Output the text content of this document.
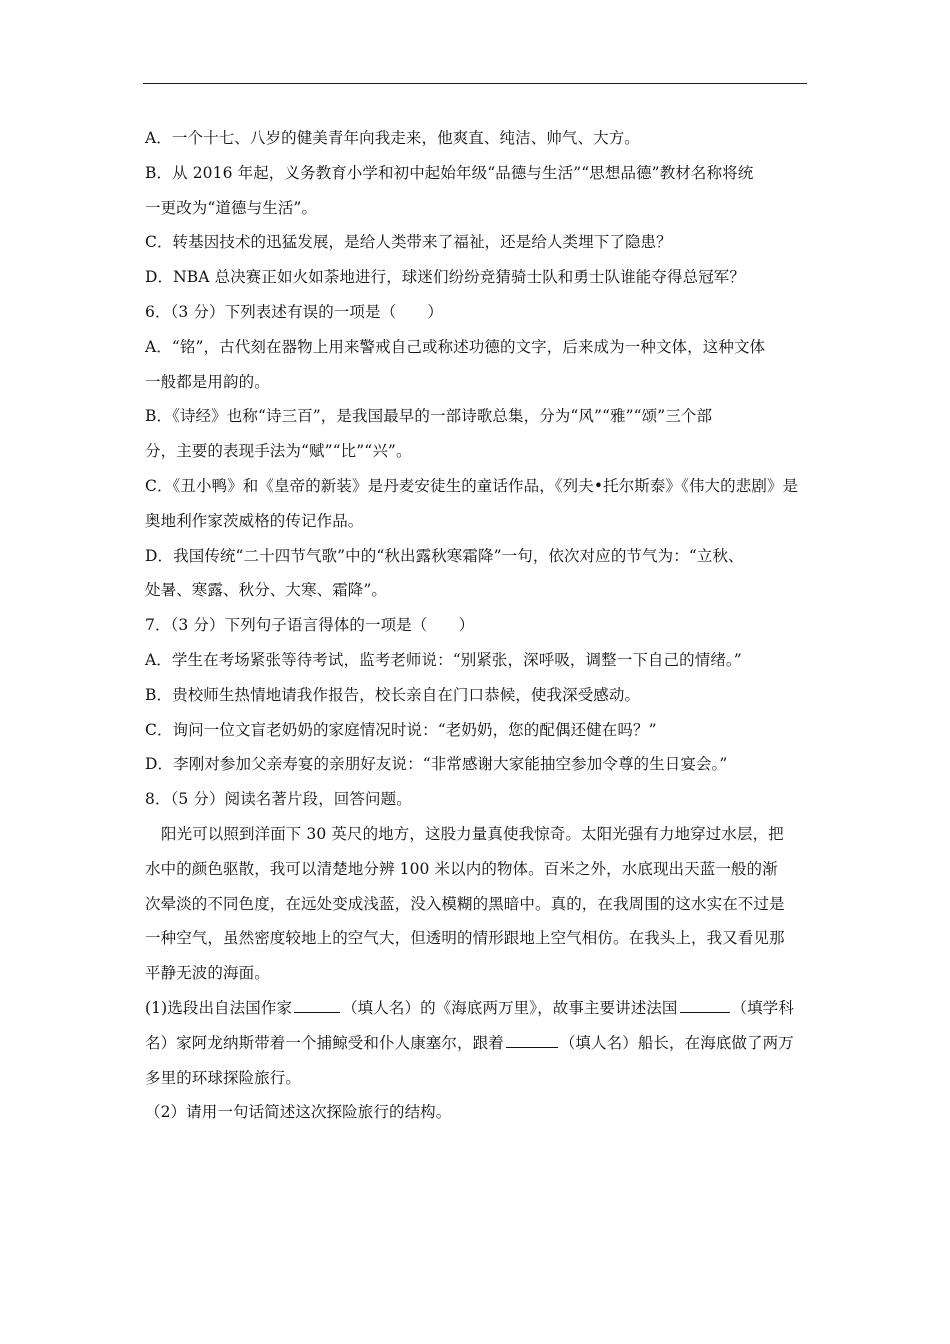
A．一个十七、八岁的健美青年向我走来，他爽直、纯洁、帅气、大方。
B．从 2016 年起，义务教育小学和初中起始年级“品德与生活”“思想品德”教材名称将统
一更改为“道德与生活”。
C．转基因技术的迅猛发展，是给人类带来了福祉，还是给人类埋下了隐患？
D．NBA 总决赛正如火如荼地进行，球迷们纷纷竞猜骑士队和勇士队谁能夺得总冠军？
6．（3 分）下列表述有误的一项是（　　）
A．“铭”，古代刻在器物上用来警戒自己或称述功德的文字，后来成为一种文体，这种文体
一般都是用韵的。
B．《诗经》也称“诗三百”，是我国最早的一部诗歌总集，分为“风”“雅”“颂”三个部
分，主要的表现手法为“赋”“比”“兴”。
C．《丑小鸭》和《皇帝的新装》是丹麦安徒生的童话作品，《列夫•托尔斯泰》《伟大的悲剧》是
奥地利作家茨威格的传记作品。
D．我国传统“二十四节气歌”中的“秋出露秋寒霜降”一句，依次对应的节气为：“立秋、
处暑、寒露、秋分、大寒、霜降”。
7．（3 分）下列句子语言得体的一项是（　　）
A．学生在考场紧张等待考试，监考老师说：“别紧张，深呼吸，调整一下自己的情绪。”
B．贵校师生热情地请我作报告，校长亲自在门口恭候，使我深受感动。
C．询问一位文盲老奶奶的家庭情况时说：“老奶奶，您的配偶还健在吗？”
D．李刚对参加父亲寿宴的亲朋好友说：“非常感谢大家能抽空参加令尊的生日宴会。”
8．（5 分）阅读名著片段，回答问题。
阳光可以照到洋面下 30 英尺的地方，这股力量真使我惊奇。太阳光强有力地穿过水层，把
水中的颜色驱散，我可以清楚地分辨 100 米以内的物体。百米之外，水底现出天蓝一般的渐
次晕淡的不同色度，在远处变成浅蓝，没入模糊的黑暗中。真的，在我周围的这水实在不过是
一种空气，虽然密度较地上的空气大，但透明的情形跟地上空气相仿。在我头上，我又看见那
平静无波的海面。
(1)选段出自法国作家	（填人名）的《海底两万里》，故事主要讲述法国	（填学科
名）家阿龙纳斯带着一个捕鲸受和仆人康塞尔，跟着	（填人名）船长，在海底做了两万
多里的环球探险旅行。
（2）请用一句话简述这次探险旅行的结构。
